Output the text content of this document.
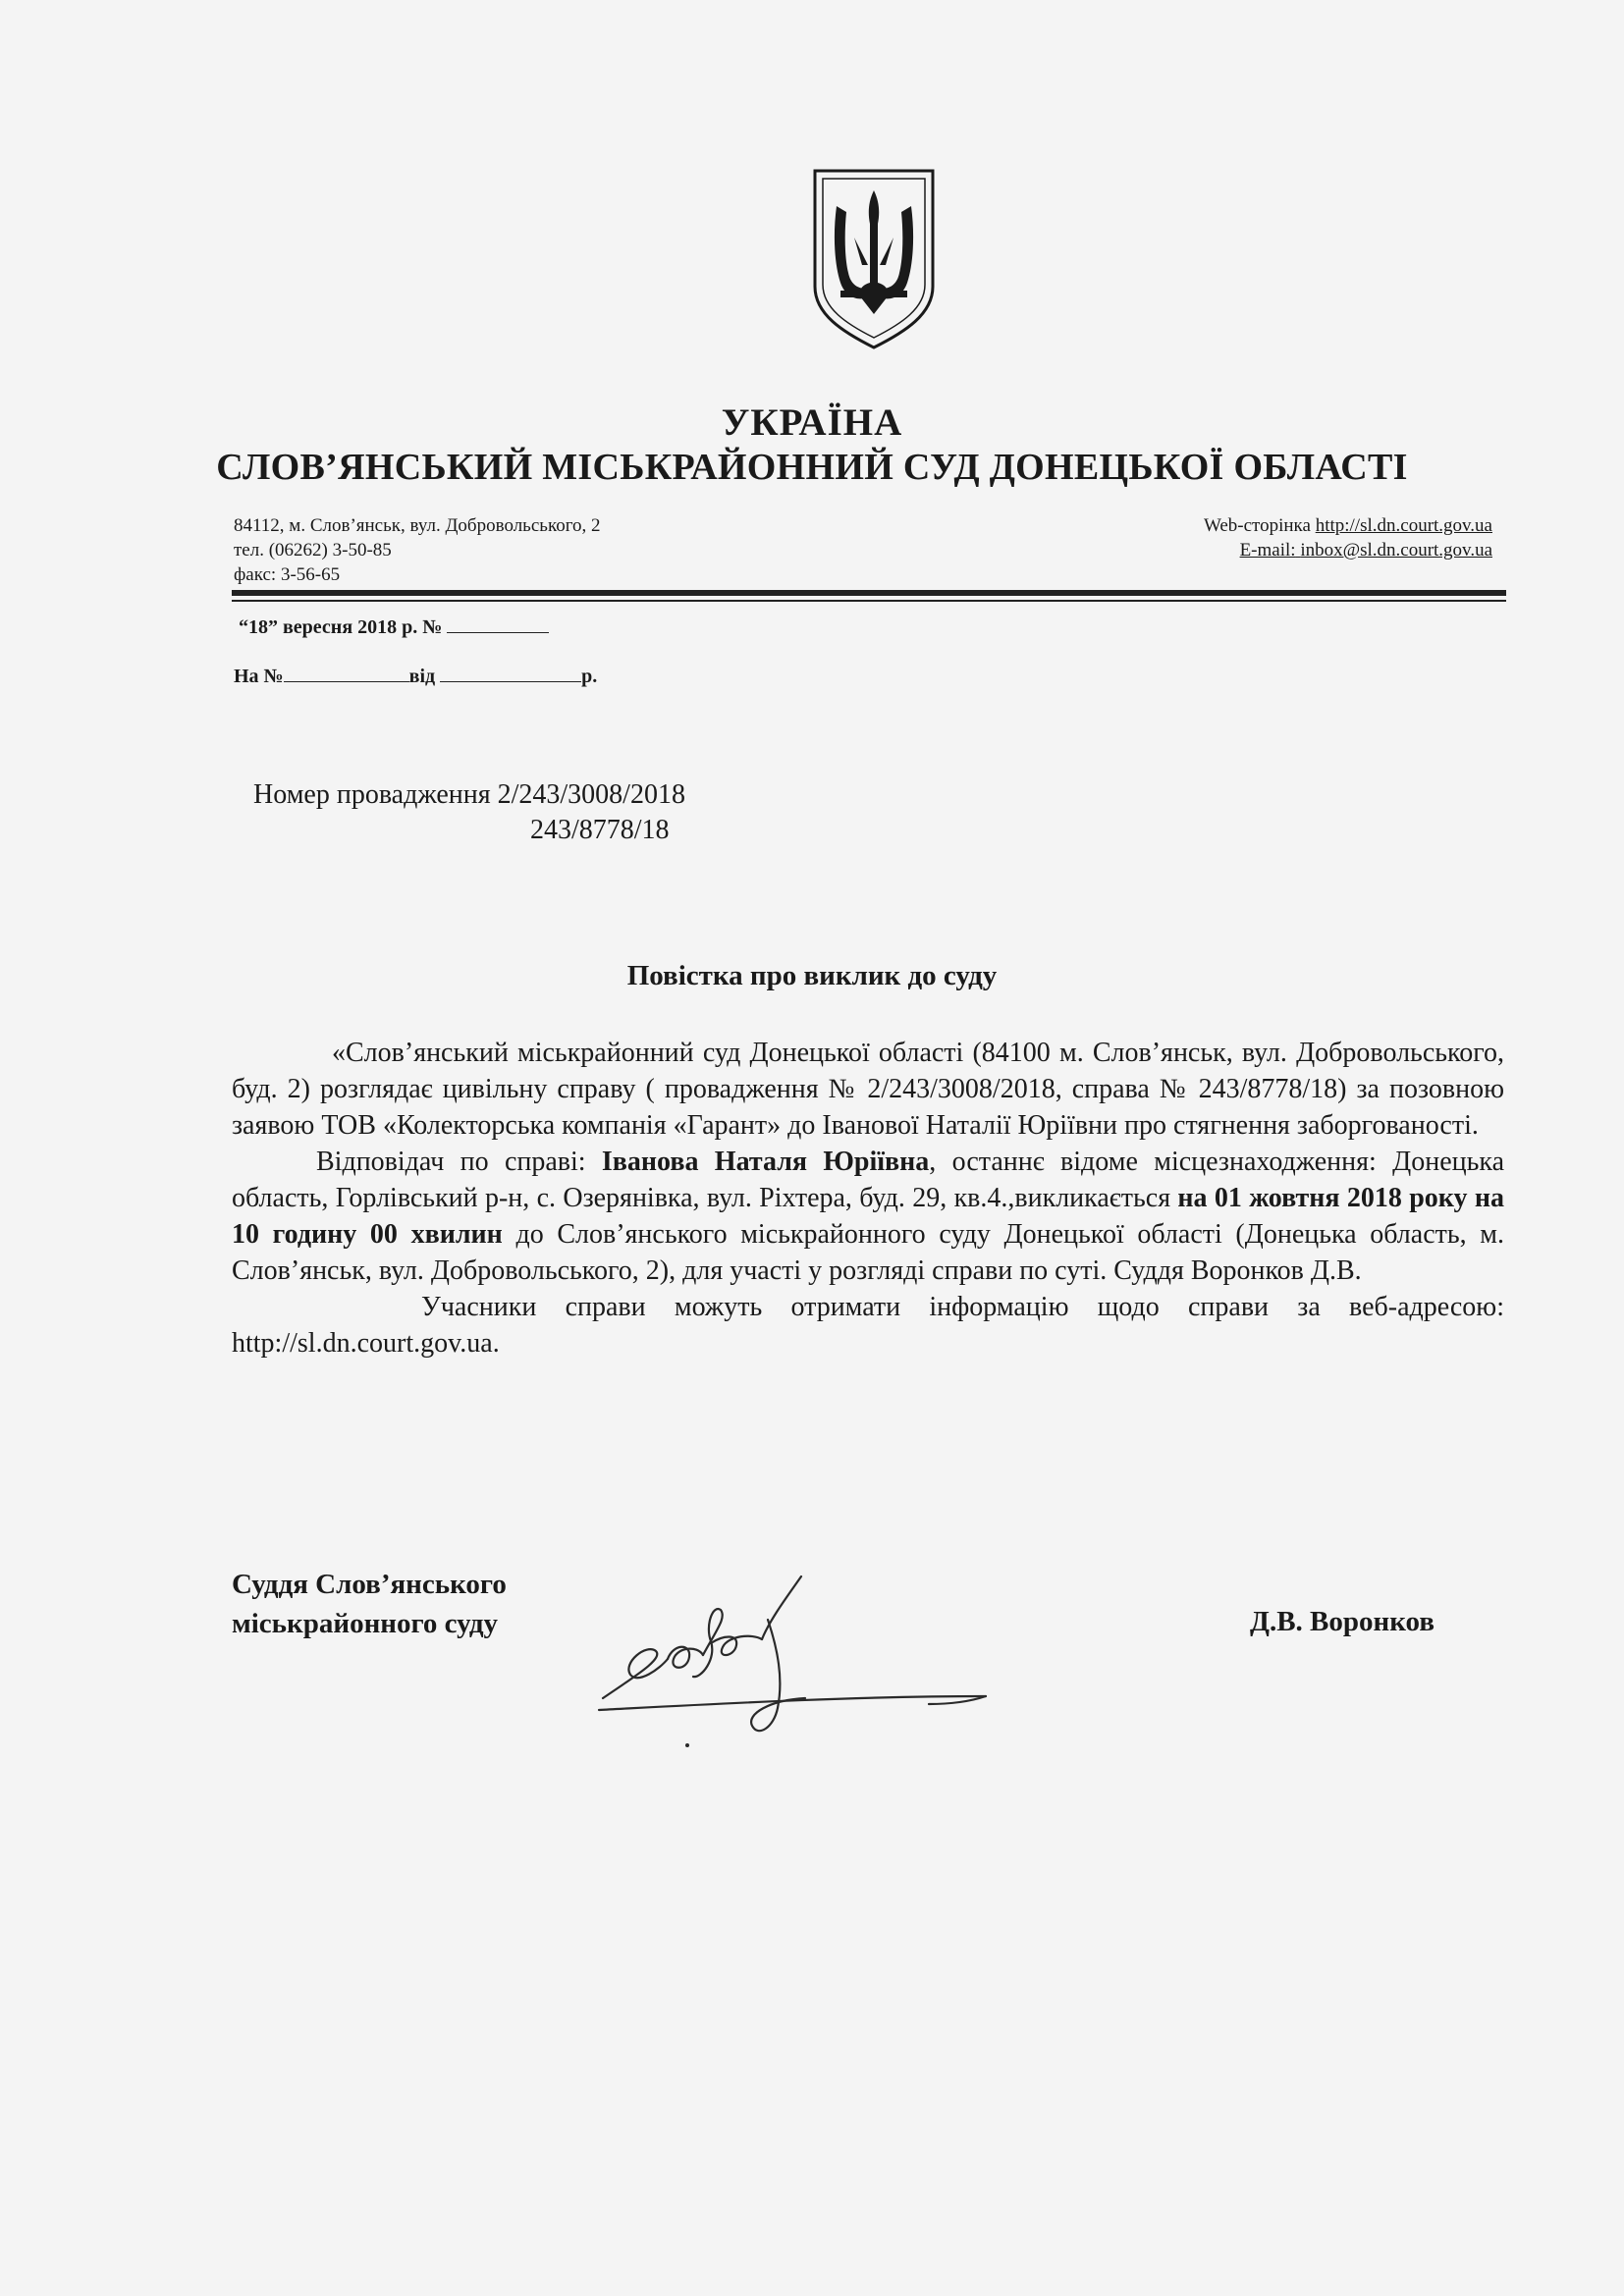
УКРАЇНА
СЛОВ’ЯНСЬКИЙ МІСЬКРАЙОННИЙ СУД ДОНЕЦЬКОЇ ОБЛАСТІ
84112, м. Слов’янськ, вул. Добровольського, 2
тел. (06262) 3-50-85
факс: 3-56-65
Web-сторінка http://sl.dn.court.gov.ua
E-mail: inbox@sl.dn.court.gov.ua
“18” вересня 2018 р. №
На №	від	р.
Номер провадження 2/243/3008/2018
243/8778/18
Повістка про виклик до суду

«Слов’янський міськрайонний суд Донецької області (84100 м. Слов’янськ, вул. Добровольського, буд. 2) розглядає цивільну справу ( провадження № 2/243/3008/2018, справа № 243/8778/18) за позовною заявою ТОВ «Колекторська компанія «Гарант» до Іванової Наталії Юріївни про стягнення заборгованості.

Відповідач по справі: Іванова Наталя Юріївна, останнє відоме місцезнаходження: Донецька область, Горлівський р-н, с. Озерянівка, вул. Ріхтера, буд. 29, кв.4.,викликається на 01 жовтня 2018 року на 10 годину 00 хвилин до Слов’янського міськрайонного суду Донецької області (Донецька область, м. Слов’янськ, вул. Добровольського, 2), для участі у розгляді справи по суті. Суддя Воронков Д.В.

Учасники справи можуть отримати інформацію щодо справи за веб-адресою: http://sl.dn.court.gov.ua.

Суддя Слов’янського
міськрайонного суду	Д.В. Воронков
